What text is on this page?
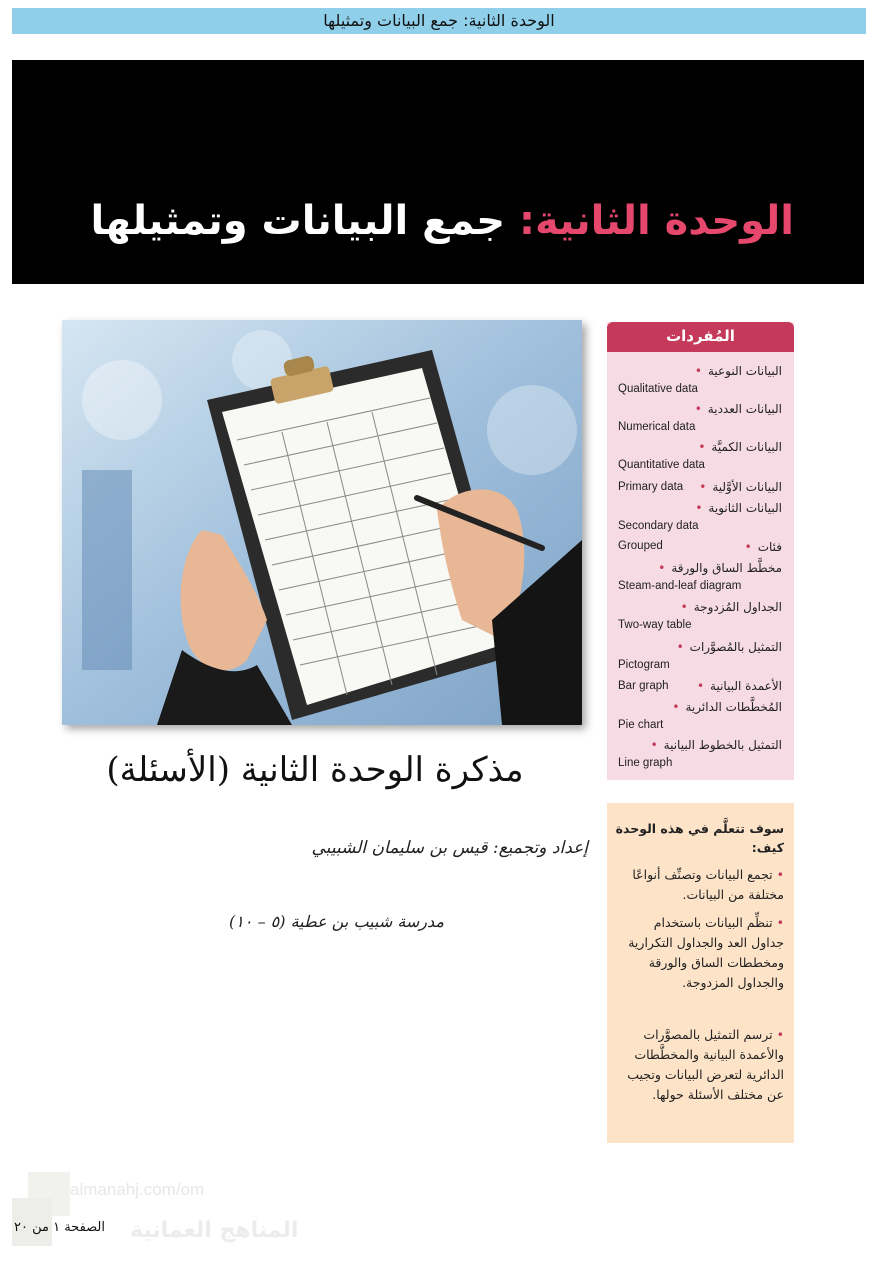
الوحدة الثانية: جمع البيانات وتمثيلها
الوحدة الثانية: جمع البيانات وتمثيلها
المُفردات
البيانات النوعية •
Qualitative data
البيانات العددية •
Numerical data
البيانات الكميَّة •
Quantitative data
البيانات الأوَّلية •
Primary data
البيانات الثانوية •
Secondary data
فئات •
Grouped
مخطَّط الساق والورقة •
Steam-and-leaf diagram
الجداول المُزدوجة •
Two-way table
التمثيل بالمُصوَّرات •
Pictogram
الأعمدة البيانية •
Bar graph
المُخطَّطات الدائرية •
Pie chart
التمثيل بالخطوط البيانية •
Line graph
سوف تتعلَّم في هذه الوحدة كيف:
•تجمع البيانات وتصنِّف أنواعًا مختلفة من البيانات.
•تنظِّم البيانات باستخدام جداول العد والجداول التكرارية ومخططات الساق والورقة والجداول المزدوجة.
•ترسم التمثيل بالمصوَّرات والأعمدة البيانية والمخطَّطات الدائرية لتعرض البيانات وتجيب عن مختلف الأسئلة حولها.
مذكرة الوحدة الثانية (الأسئلة)
إعداد وتجميع: قيس بن سليمان الشبيبي
مدرسة شبيب بن عطية (٥ – ١٠)
almanahj.com/om
المناهج العمانية
الصفحة ١ من ٢٠
